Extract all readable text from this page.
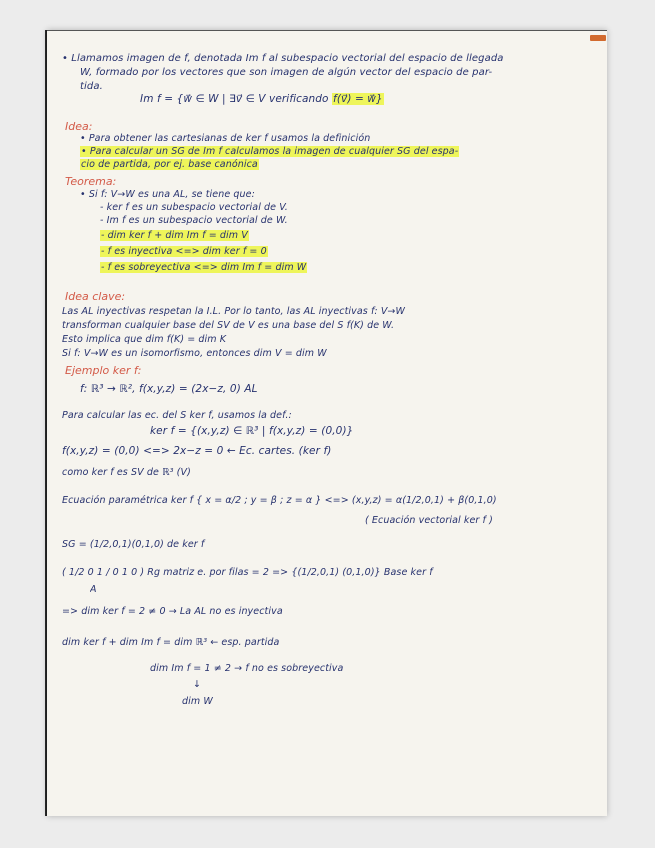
• Llamamos imagen de f, denotada Im f al subespacio vectorial del espacio de llegada
W, formado por los vectores que son imagen de algún vector del espacio de par-
tida.
Im f = {w⃗ ∈ W | ∃v⃗ ∈ V verificando f(v⃗) = w⃗}
Idea:
• Para obtener las cartesianas de ker f usamos la definición
• Para calcular un SG de Im f calculamos la imagen de cualquier SG del espa-
cio de partida, por ej. base canónica
Teorema:
• Si f: V→W es una AL, se tiene que:
- ker f es un subespacio vectorial de V.
- Im f es un subespacio vectorial de W.
- dim ker f + dim Im f = dim V
- f es inyectiva <=> dim ker f = 0
- f es sobreyectiva <=> dim Im f = dim W
Idea clave:
Las AL inyectivas respetan la I.L. Por lo tanto, las AL inyectivas f: V→W
transforman cualquier base del SV de V es una base del S f(K) de W.
Esto implica que dim f(K) = dim K
Si f: V→W es un isomorfismo, entonces dim V = dim W
Ejemplo ker f:
f: ℝ³ → ℝ², f(x,y,z) = (2x−z, 0) AL
Para calcular las ec. del S ker f, usamos la def.:
ker f = {(x,y,z) ∈ ℝ³ | f(x,y,z) = (0,0)}
f(x,y,z) = (0,0) <=> 2x−z = 0 ← Ec. cartes. (ker f)
como ker f es SV de ℝ³ (V)
Ecuación paramétrica ker f { x = α/2 ; y = β ; z = α } <=> (x,y,z) = α(1/2,0,1) + β(0,1,0)
( Ecuación vectorial ker f )
SG = (1/2,0,1)(0,1,0) de ker f
( 1/2 0 1 / 0 1 0 ) Rg matriz e. por filas = 2 => {(1/2,0,1) (0,1,0)} Base ker f
A
=> dim ker f = 2 ≠ 0 → La AL no es inyectiva
dim ker f + dim Im f = dim ℝ³ ← esp. partida
dim Im f = 1 ≠ 2 → f no es sobreyectiva
↓
dim W
